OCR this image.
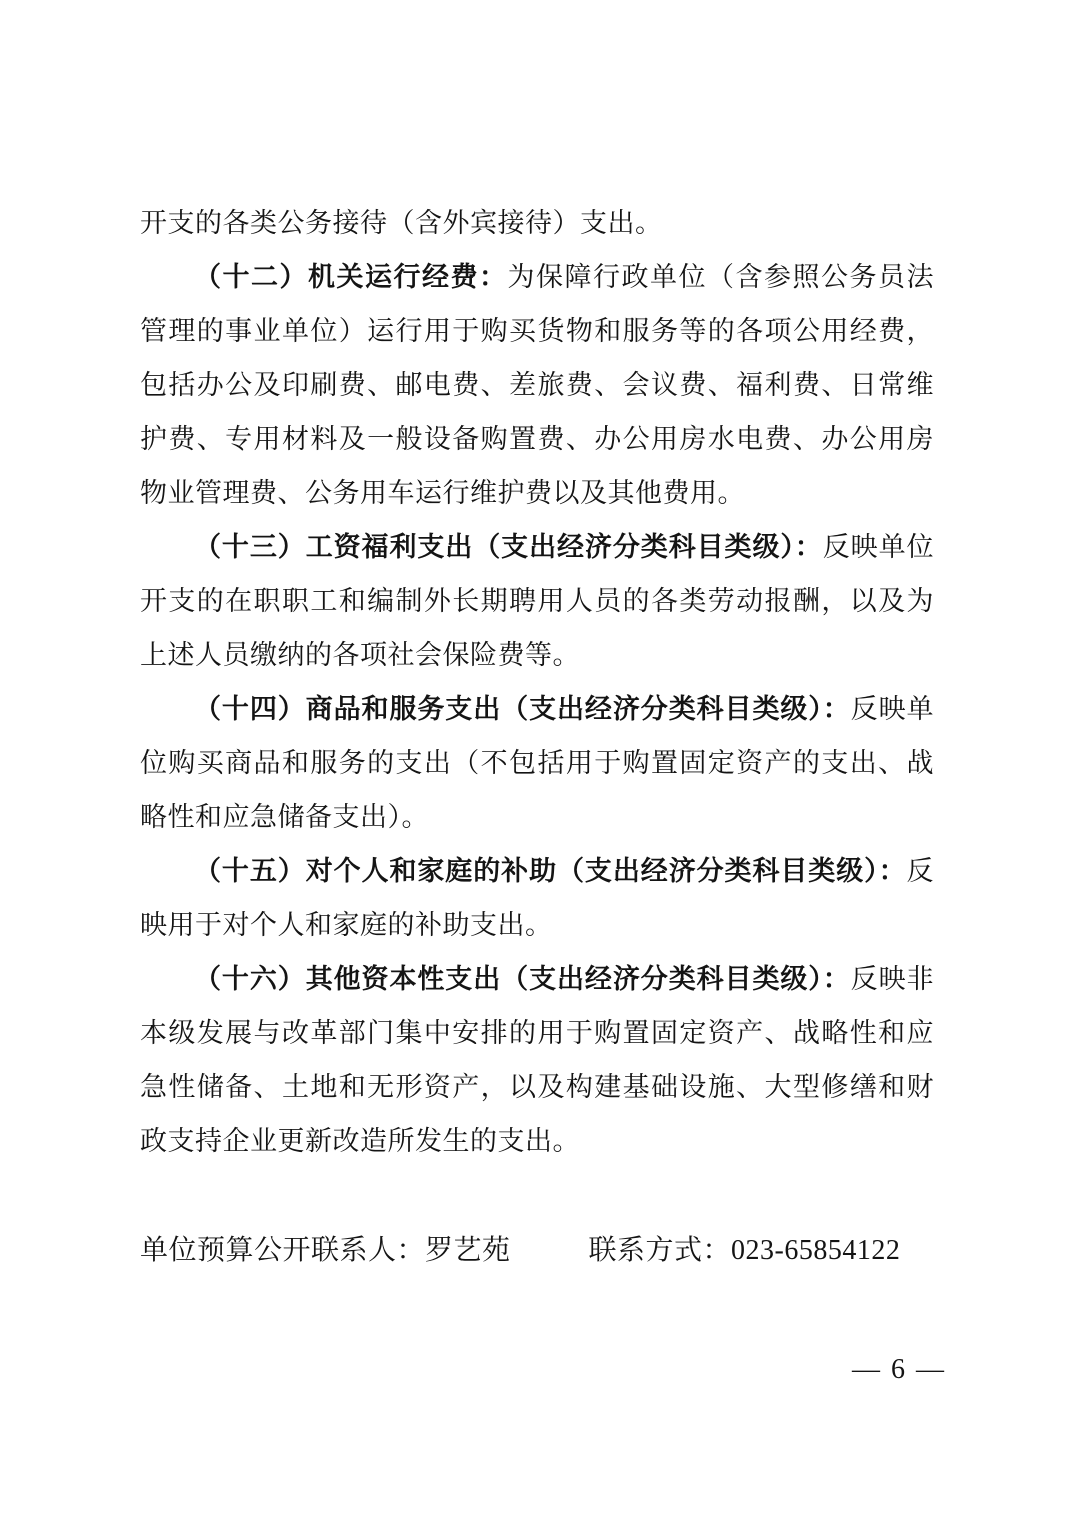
开支的各类公务接待（含外宾接待）支出。

（十二）机关运行经费：为保障行政单位（含参照公务员法管理的事业单位）运行用于购买货物和服务等的各项公用经费，包括办公及印刷费、邮电费、差旅费、会议费、福利费、日常维护费、专用材料及一般设备购置费、办公用房水电费、办公用房物业管理费、公务用车运行维护费以及其他费用。

（十三）工资福利支出（支出经济分类科目类级）：反映单位开支的在职职工和编制外长期聘用人员的各类劳动报酬，以及为上述人员缴纳的各项社会保险费等。

（十四）商品和服务支出（支出经济分类科目类级）：反映单位购买商品和服务的支出（不包括用于购置固定资产的支出、战略性和应急储备支出）。

（十五）对个人和家庭的补助（支出经济分类科目类级）：反映用于对个人和家庭的补助支出。

（十六）其他资本性支出（支出经济分类科目类级）：反映非本级发展与改革部门集中安排的用于购置固定资产、战略性和应急性储备、土地和无形资产，以及构建基础设施、大型修缮和财政支持企业更新改造所发生的支出。

单位预算公开联系人： 罗艺苑	联系方式： 023-65854122
— 6 —
